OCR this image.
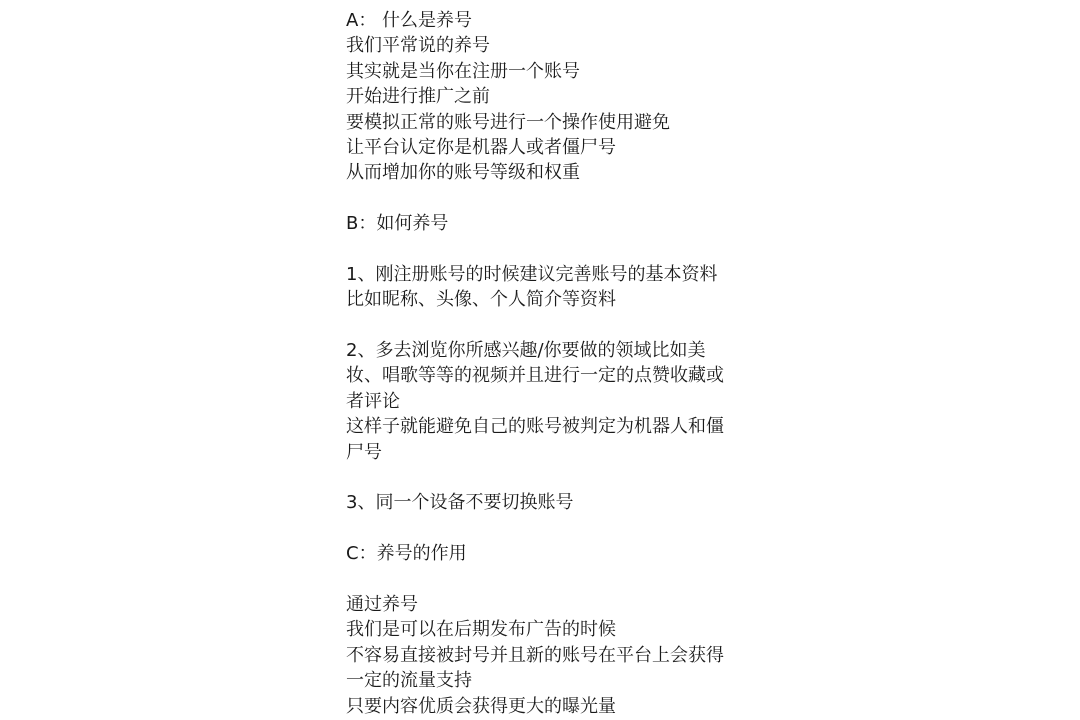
A： 什么是养号

我们平常说的养号

其实就是当你在注册一个账号

开始进行推广之前

要模拟正常的账号进行一个操作使用避免

让平台认定你是机器人或者僵尸号

从而增加你的账号等级和权重

B：如何养号

1、刚注册账号的时候建议完善账号的基本资料

比如昵称、头像、个人简介等资料

2、多去浏览你所感兴趣/你要做的领域比如美

妆、唱歌等等的视频并且进行一定的点赞收藏或

者评论

这样子就能避免自己的账号被判定为机器人和僵

尸号

3、同一个设备不要切换账号

C：养号的作用

通过养号

我们是可以在后期发布广告的时候

不容易直接被封号并且新的账号在平台上会获得

一定的流量支持

只要内容优质会获得更大的曝光量
